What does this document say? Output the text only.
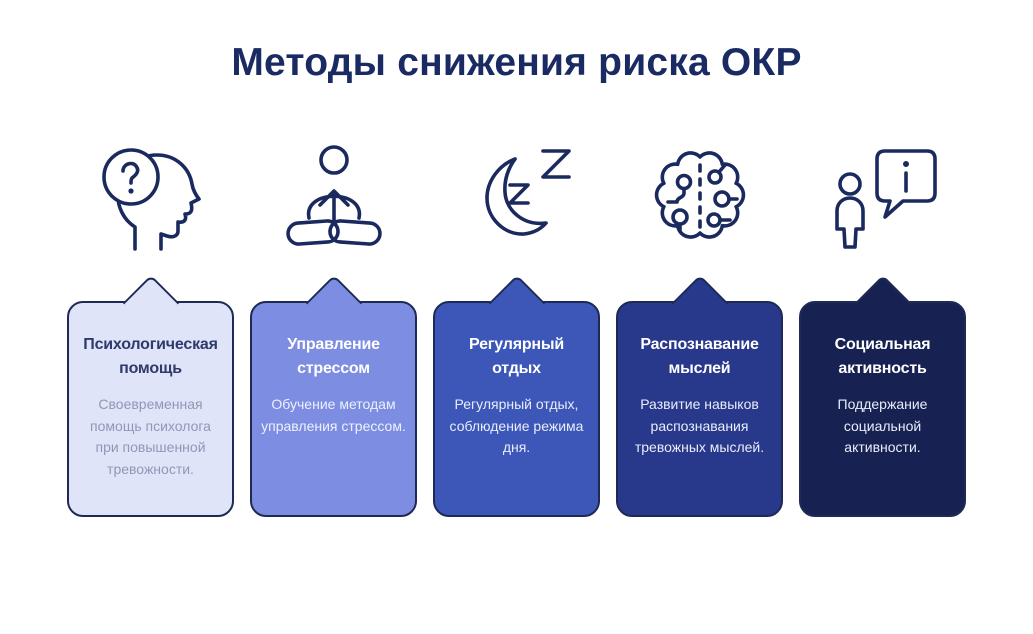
Методы снижения риска ОКР
Психологическая помощь

Своевременная помощь психолога при повышенной тревожности.

Управление стрессом

Обучение методам управления стрессом.

Регулярный отдых

Регулярный отдых, соблюдение режима дня.

Распознавание мыслей

Развитие навыков распознавания тревожных мыслей.

Социальная активность

Поддержание социальной активности.
